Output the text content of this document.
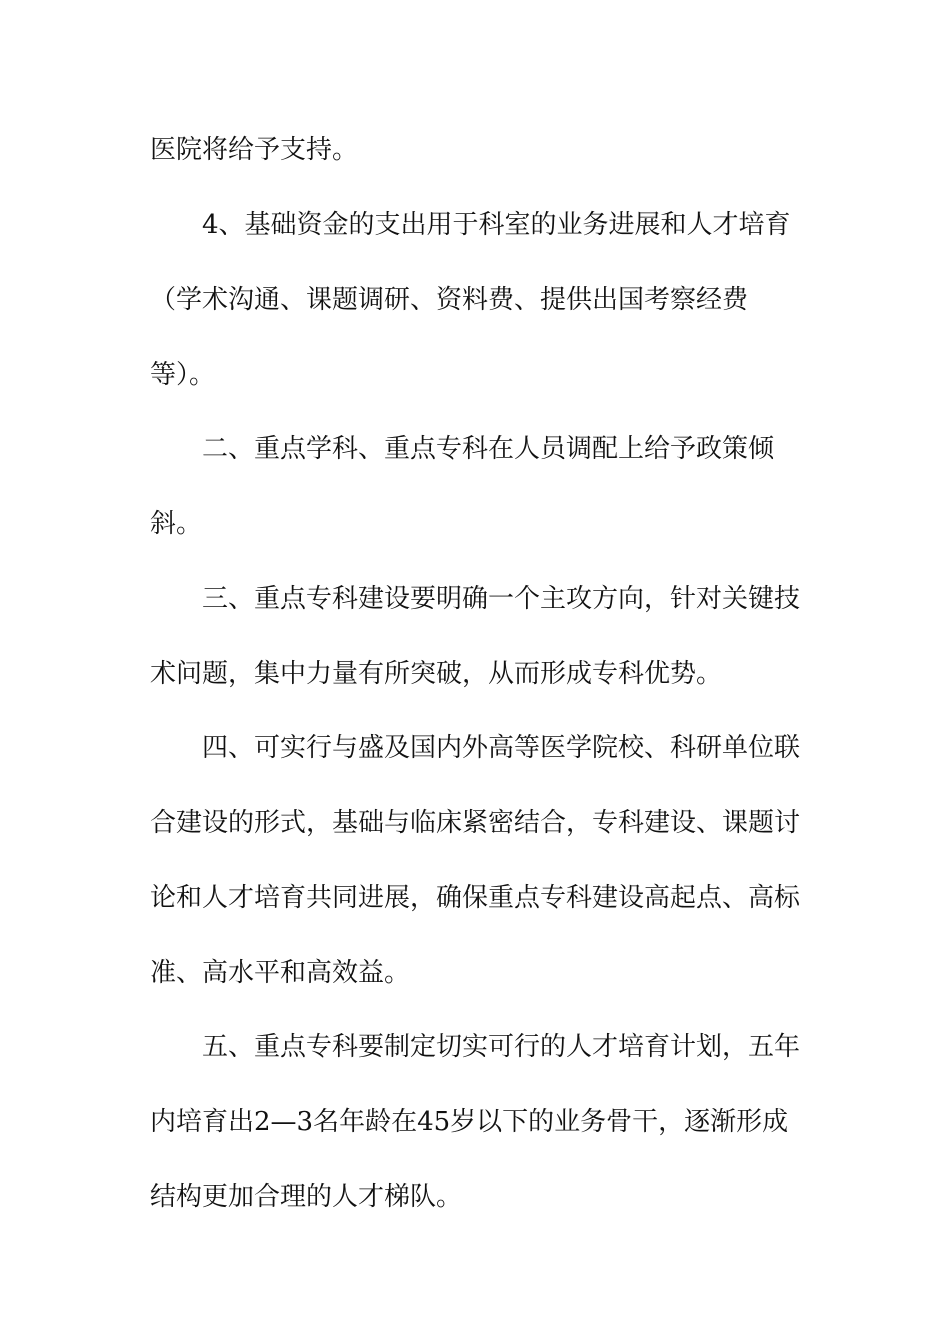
医院将给予支持。

4、基础资金的支出用于科室的业务进展和人才培育

（学术沟通、课题调研、资料费、提供出国考察经费

等）。

二、重点学科、重点专科在人员调配上给予政策倾

斜。

三、重点专科建设要明确一个主攻方向，针对关键技

术问题，集中力量有所突破，从而形成专科优势。

四、可实行与盛及国内外高等医学院校、科研单位联

合建设的形式，基础与临床紧密结合，专科建设、课题讨

论和人才培育共同进展，确保重点专科建设高起点、高标

准、高水平和高效益。

五、重点专科要制定切实可行的人才培育计划，五年

内培育出2—3名年龄在45岁以下的业务骨干，逐渐形成

结构更加合理的人才梯队。
